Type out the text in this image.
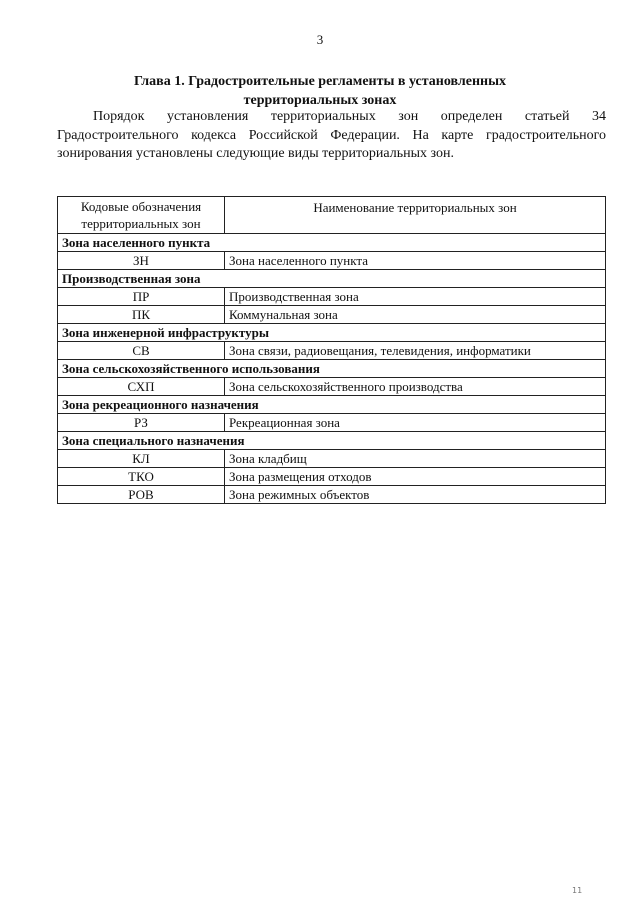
3
Глава 1. Градостроительные регламенты в установленных
территориальных зонах
Порядок установления территориальных зон определен статьей 34 Градостроительного кодекса Российской Федерации. На карте градостроительного зонирования установлены следующие виды территориальных зон.
Кодовые обозначения
территориальных зон	Наименование территориальных зон
Зона населенного пункта	
ЗН	Зона населенного пункта
Производственная зона	
ПР	Производственная зона
ПК	Коммунальная зона
Зона инженерной инфраструктуры	
СВ	Зона связи, радиовещания, телевидения, информатики
Зона сельскохозяйственного использования	
СХП	Зона сельскохозяйственного производства
Зона рекреационного назначения	
РЗ	Рекреационная зона
Зона специального назначения	
КЛ	Зона кладбищ
ТКО	Зона размещения отходов
РОВ	Зона режимных объектов
11
